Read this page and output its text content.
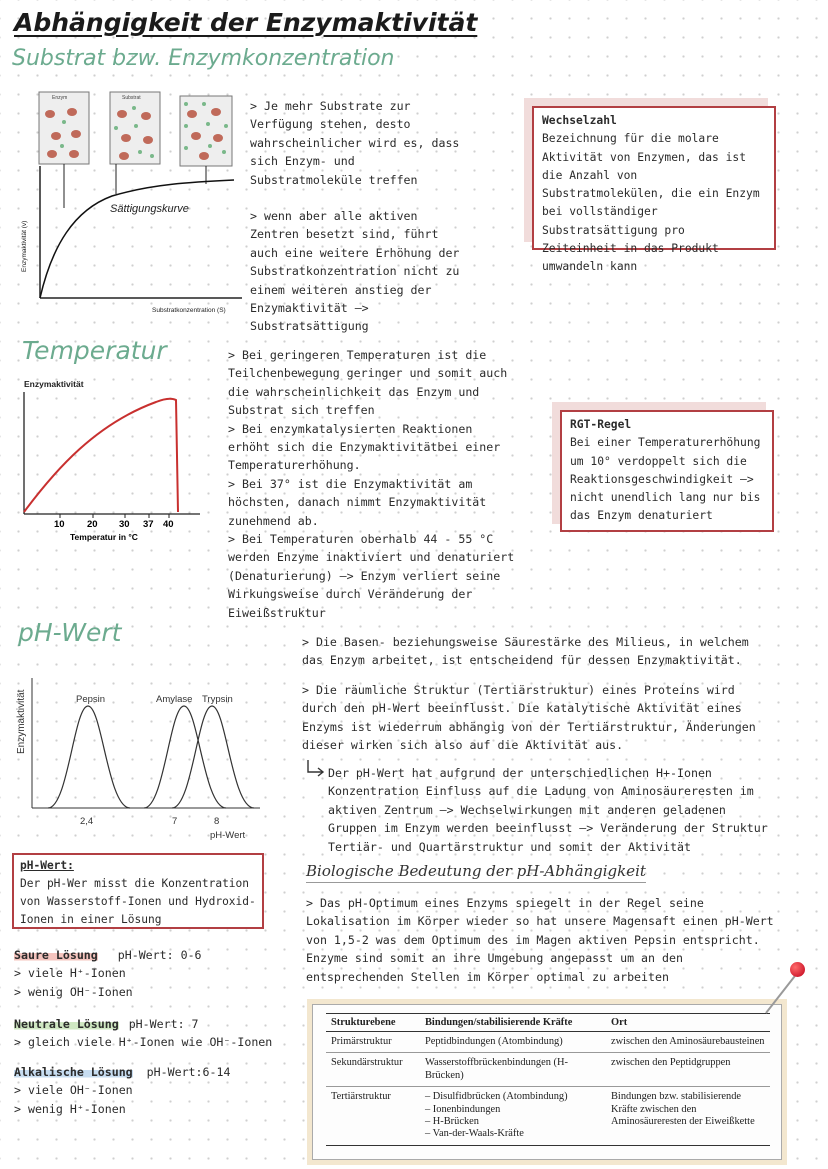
Abhängigkeit der Enzymaktivität
Substrat bzw. Enzymkonzentration
Enzym	Substrat
Sättigungskurve
Enzymaktivität (v)
Substratkonzentration (S)

> Je mehr Substrate zur Verfügung stehen, desto wahrscheinlicher wird es, dass sich Enzym- und Substratmoleküle treffen

> wenn aber alle aktiven Zentren besetzt sind, führt auch eine weitere Erhöhung der Substratkonzentration nicht zu einem weiteren anstieg der Enzymaktivität —> Substratsättigung

Wechselzahl
Bezeichnung für die molare Aktivität von Enzymen, das ist die Anzahl von Substratmolekülen, die ein Enzym bei vollständiger Substratsättigung pro Zeiteinheit in das Produkt umwandeln kann
Temperatur
Enzymaktivität
10 20 30 37 40
Temperatur in °C

> Bei geringeren Temperaturen ist die Teilchenbewegung geringer und somit auch die wahrscheinlichkeit das Enzym und Substrat sich treffen

> Bei enzymkatalysierten Reaktionen erhöht sich die Enzymaktivitätbei einer Temperaturerhöhung.

> Bei 37° ist die Enzymaktivität am höchsten, danach nimmt Enzymaktivität zunehmend ab.

> Bei Temperaturen oberhalb 44 - 55 °C werden Enzyme inaktiviert und denaturiert (Denaturierung) —> Enzym verliert seine Wirkungsweise durch Veränderung der Eiweißstruktur

RGT-Regel
Bei einer Temperaturerhöhung um 10° verdoppelt sich die Reaktionsgeschwindigkeit —> nicht unendlich lang nur bis das Enzym denaturiert
pH-Wert
Enzymaktivität	Pepsin	Amylase Trypsin
2,4	7	8
pH-Wert
pH-Wert:
Der pH-Wer misst die Konzentration von Wasserstoff-Ionen und Hydroxid-Ionen in einer Lösung
Saure Lösung pH-Wert: 0-6

> viele H⁺-Ionen

> wenig OH⁻-Ionen

Neutrale Lösung pH-Wert: 7

> gleich viele H⁺-Ionen wie OH⁻-Ionen

Alkalische Lösung pH-Wert:6-14

> viele OH⁻-Ionen

> wenig H⁺-Ionen

> Die Basen- beziehungsweise Säurestärke des Milieus, in welchem das Enzym arbeitet, ist entscheidend für dessen Enzymaktivität.

> Die räumliche Struktur (Tertiärstruktur) eines Proteins wird durch den pH-Wert beeinflusst. Die katalytische Aktivität eines Enzyms ist wiederrum abhängig von der Tertiärstruktur, Änderungen dieser wirken sich also auf die Aktivität aus.

Der pH-Wert hat aufgrund der unterschiedlichen H+-Ionen Konzentration Einfluss auf die Ladung von Aminosäureresten im aktiven Zentrum —> Wechselwirkungen mit anderen geladenen Gruppen im Enzym werden beeinflusst —> Veränderung der Struktur Tertiär- und Quartärstruktur und somit der Aktivität
Biologische Bedeutung der pH-Abhängigkeit
> Das pH-Optimum eines Enzyms spiegelt in der Regel seine Lokalisation im Körper wieder so hat unsere Magensaft einen pH-Wert von 1,5-2 was dem Optimum des im Magen aktiven Pepsin entspricht. Enzyme sind somit an ihre Umgebung angepasst um an den entsprechenden Stellen im Körper optimal zu arbeiten
Strukturebene	Bindungen/stabilisierende Kräfte	Ort
Primärstruktur	Peptidbindungen (Atombindung)	zwischen den Aminosäurebausteinen
Sekundärstruktur	Wasserstoffbrückenbindungen (H-Brücken)	zwischen den Peptidgruppen
Tertiärstruktur	– Disulfidbrücken (Atombindung)
– Ionenbindungen
– H-Brücken
– Van-der-Waals-Kräfte	Bindungen bzw. stabilisierende Kräfte zwischen den Aminosäureresten der Eiweißkette
